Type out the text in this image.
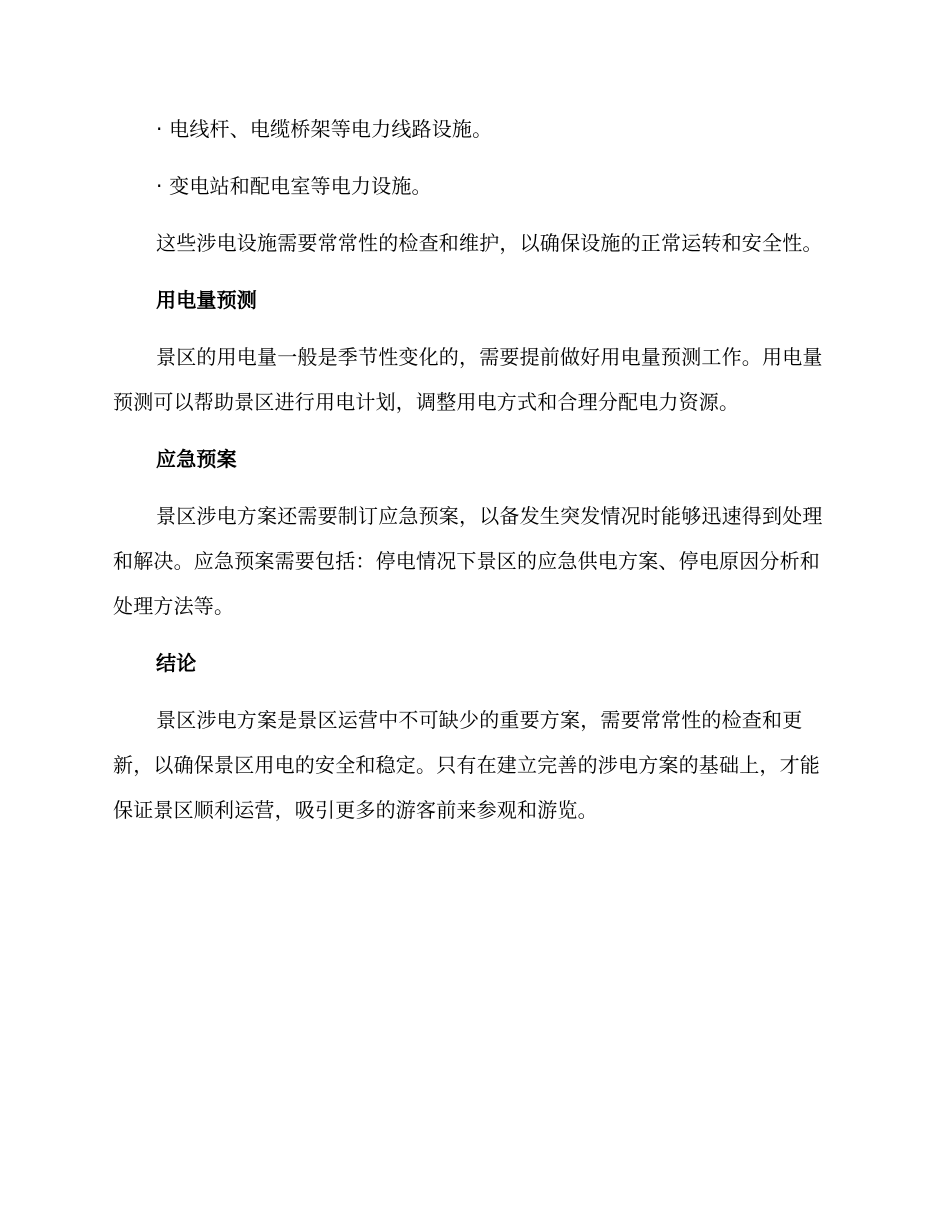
· 电线杆、电缆桥架等电力线路设施。

· 变电站和配电室等电力设施。

这些涉电设施需要常常性的检查和维护，以确保设施的正常运转和安全性。

用电量预测

景区的用电量一般是季节性变化的，需要提前做好用电量预测工作。用电量预测可以帮助景区进行用电计划，调整用电方式和合理分配电力资源。

应急预案

景区涉电方案还需要制订应急预案，以备发生突发情况时能够迅速得到处理和解决。应急预案需要包括：停电情况下景区的应急供电方案、停电原因分析和处理方法等。

结论

景区涉电方案是景区运营中不可缺少的重要方案，需要常常性的检查和更新，以确保景区用电的安全和稳定。只有在建立完善的涉电方案的基础上，才能保证景区顺利运营，吸引更多的游客前来参观和游览。
